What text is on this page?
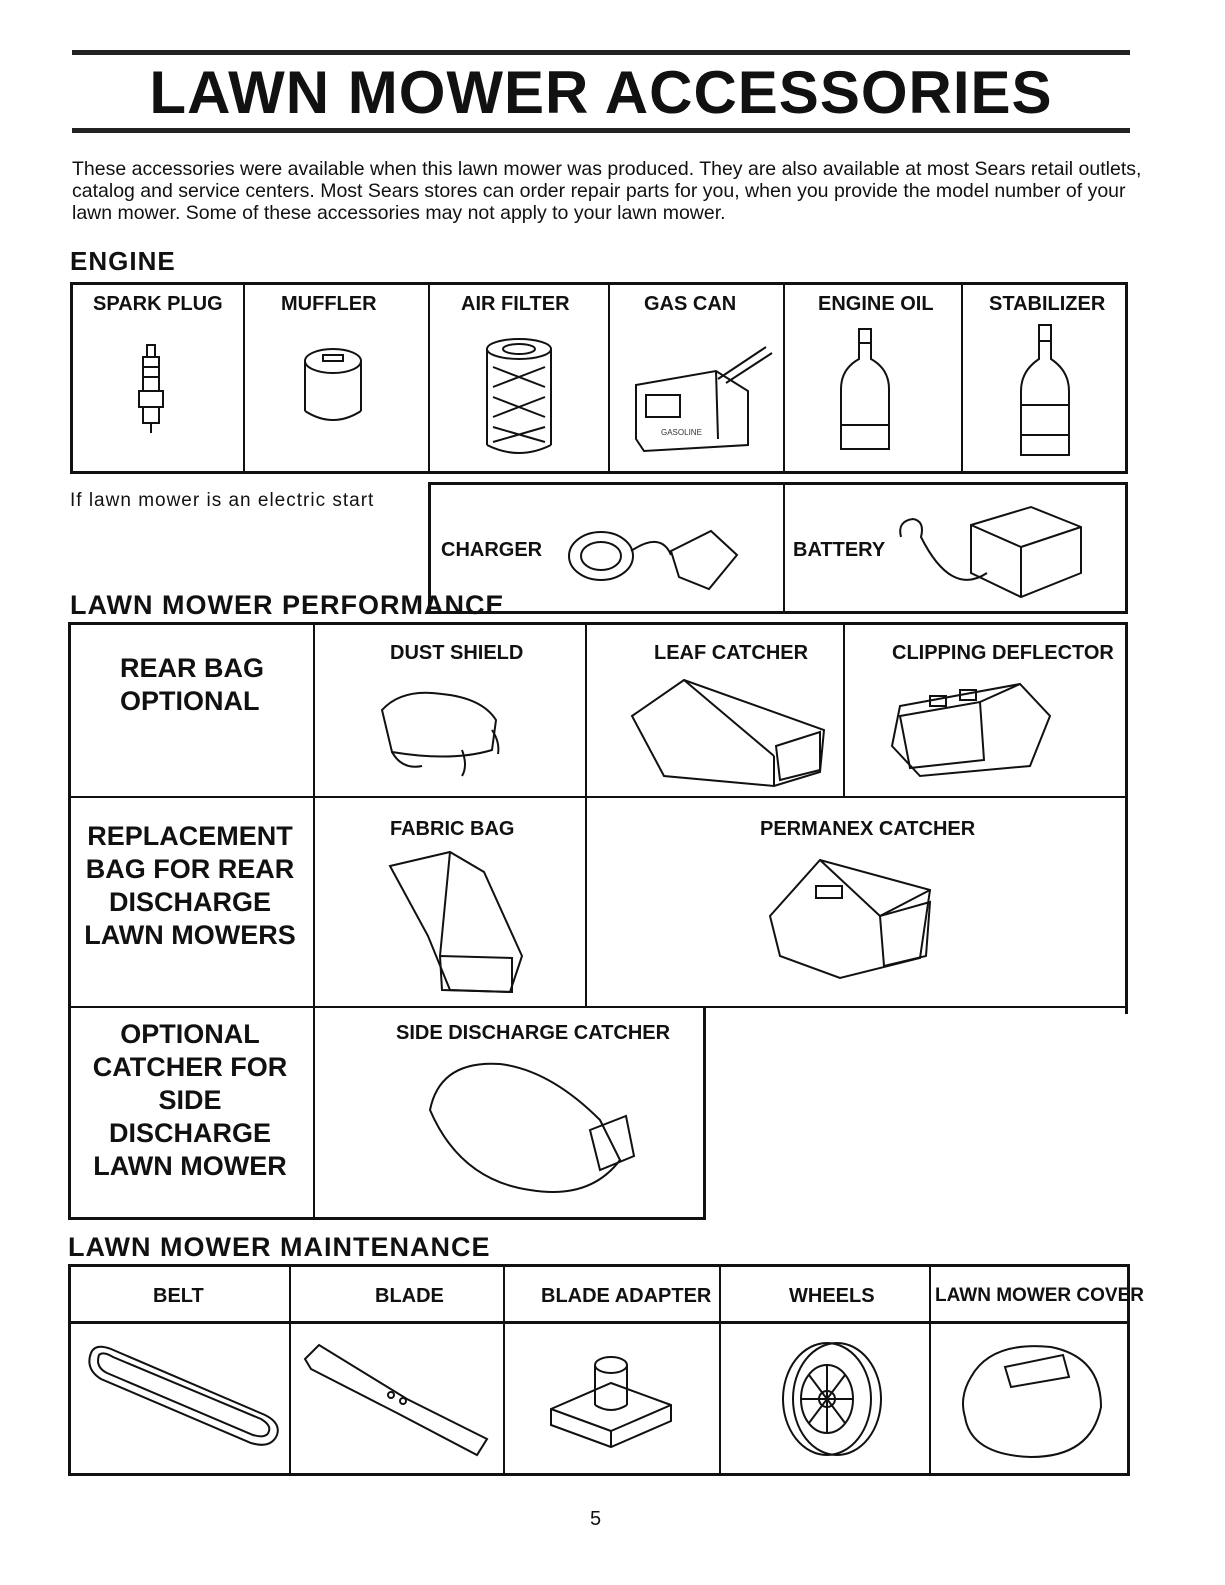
LAWN MOWER ACCESSORIES
These accessories were available when this lawn mower was produced. They are also available at most Sears retail outlets, catalog and service centers. Most Sears stores can order repair parts for you, when you provide the model number of your lawn mower. Some of these accessories may not apply to your lawn mower.
ENGINE
SPARK PLUG	MUFFLER	AIR FILTER	GAS CAN	ENGINE OIL	STABILIZER
GASOLINE
If lawn mower is an electric start
CHARGER	BATTERY
LAWN MOWER PERFORMANCE
REAR BAG
OPTIONAL
DUST SHIELD	LEAF CATCHER	CLIPPING DEFLECTOR
REPLACEMENT
BAG FOR REAR
DISCHARGE
LAWN MOWERS
FABRIC BAG	PERMANEX CATCHER
OPTIONAL
CATCHER FOR
SIDE DISCHARGE
LAWN MOWER
SIDE DISCHARGE CATCHER
LAWN MOWER MAINTENANCE
BELT	BLADE	BLADE ADAPTER	WHEELS	LAWN MOWER COVER
5
